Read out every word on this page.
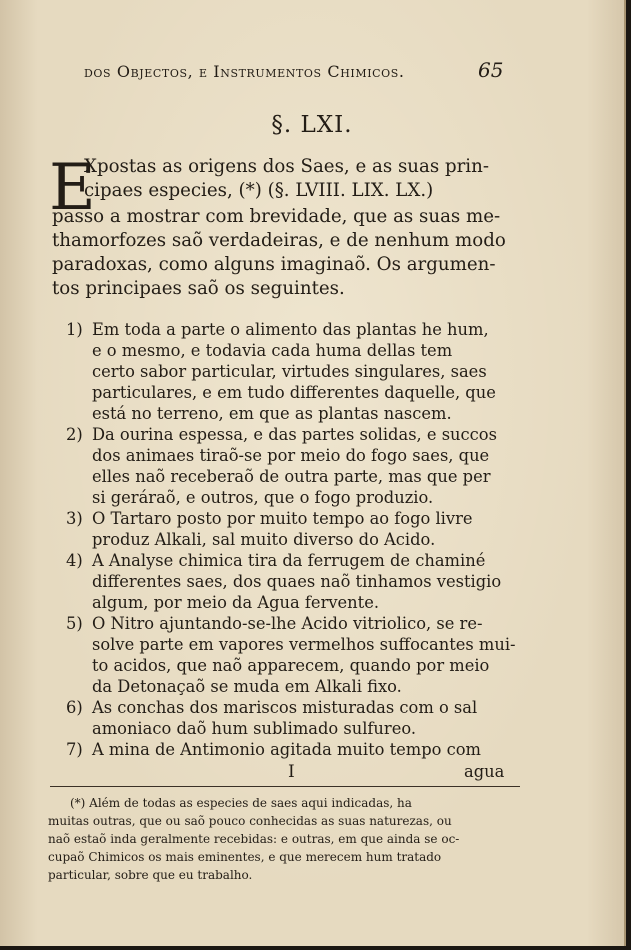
dos Objectos, e Instrumentos Chimicos.	65

§. LXI.

E

Xpostas as origens dos Saes, e as suas prin-

cipaes especies, (*) (§. LVIII. LIX. LX.)

passo a mostrar com brevidade, que as suas me-

thamorfozes saõ verdadeiras, e de nenhum modo

paradoxas, como alguns imaginaõ. Os argumen-

tos principaes saõ os seguintes.

1) Em toda a parte o alimento das plantas he hum,

e o mesmo, e todavia cada huma dellas tem

certo sabor particular, virtudes singulares, saes

particulares, e em tudo differentes daquelle, que

está no terreno, em que as plantas nascem.

2) Da ourina espessa, e das partes solidas, e succos

dos animaes tiraõ-se por meio do fogo saes, que

elles naõ receberaõ de outra parte, mas que per

si geráraõ, e outros, que o fogo produzio.

3) O Tartaro posto por muito tempo ao fogo livre

produz Alkali, sal muito diverso do Acido.

4) A Analyse chimica tira da ferrugem de chaminé

differentes saes, dos quaes naõ tinhamos vestigio

algum, por meio da Agua fervente.

5) O Nitro ajuntando-se-lhe Acido vitriolico, se re-

solve parte em vapores vermelhos suffocantes mui-

to acidos, que naõ apparecem, quando por meio

da Detonaçaõ se muda em Alkali fixo.

6) As conchas dos mariscos misturadas com o sal

amoniaco daõ hum sublimado sulfureo.

7) A mina de Antimonio agitada muito tempo com

I	agua

(*) Além de todas as especies de saes aqui indicadas, ha

muitas outras, que ou saõ pouco conhecidas as suas naturezas, ou

naõ estaõ inda geralmente recebidas: e outras, em que ainda se oc-

cupaõ Chimicos os mais eminentes, e que merecem hum tratado

particular, sobre que eu trabalho.
